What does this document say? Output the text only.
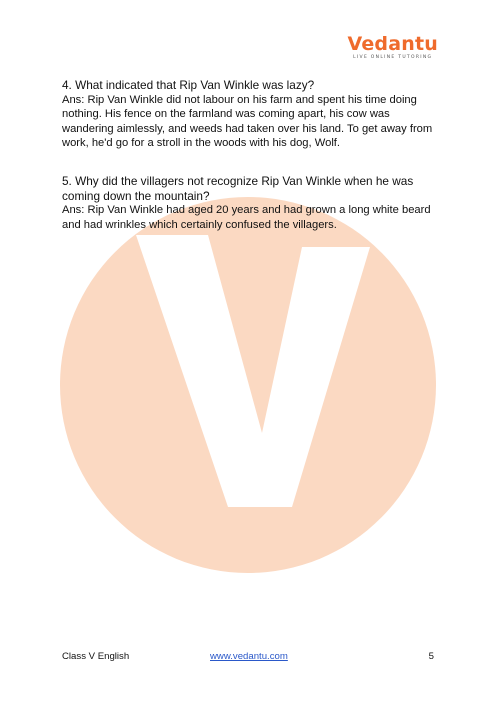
Vedantu
LIVE ONLINE TUTORING

4. What indicated that Rip Van Winkle was lazy?

Ans: Rip Van Winkle did not labour on his farm and spent his time doing nothing. His fence on the farmland was coming apart, his cow was wandering aimlessly, and weeds had taken over his land. To get away from work, he'd go for a stroll in the woods with his dog, Wolf.

5. Why did the villagers not recognize Rip Van Winkle when he was coming down the mountain?

Ans: Rip Van Winkle had aged 20 years and had grown a long white beard and had wrinkles which certainly confused the villagers.

Class V English	www.vedantu.com	5
